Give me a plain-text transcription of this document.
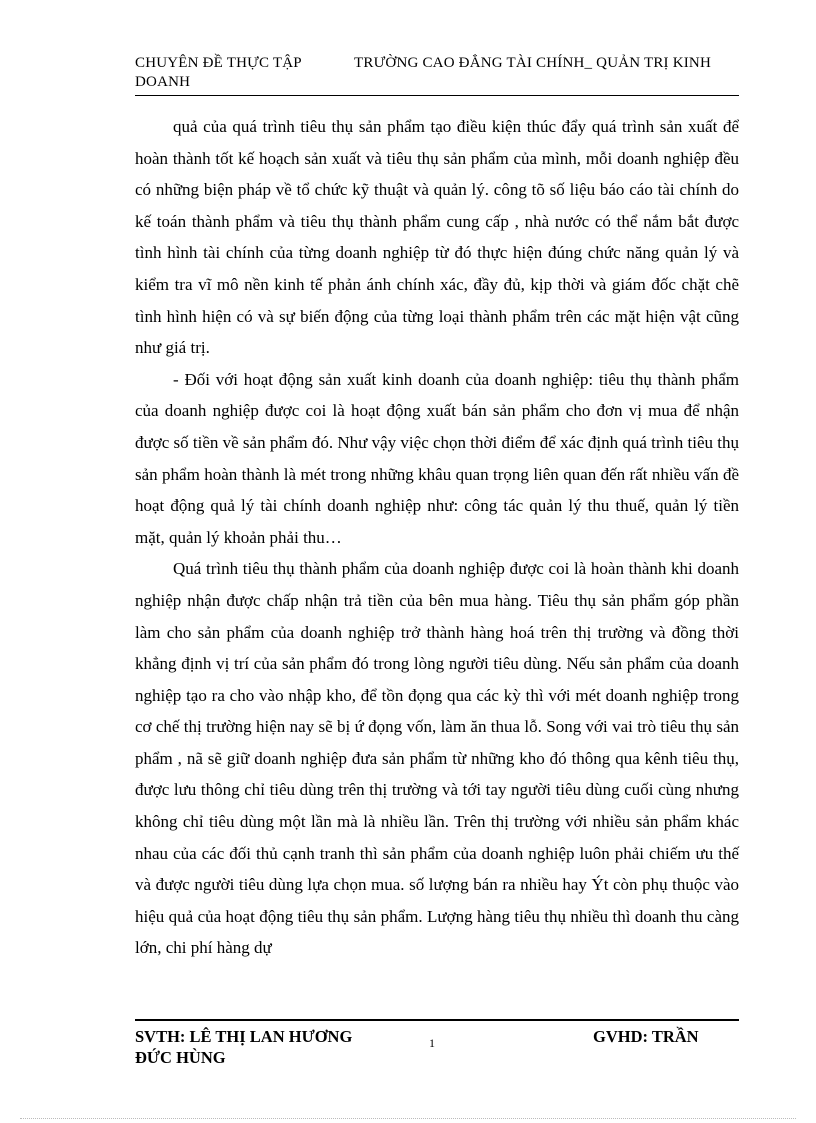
CHUYÊN ĐỀ THỰC TẬP	TRƯỜNG CAO ĐẲNG TÀI CHÍNH_ QUẢN TRỊ KINH
DOANH

quả của quá trình tiêu thụ sản phẩm tạo điều kiện thúc đẩy quá trình sản xuất để hoàn thành tốt kế hoạch sản xuất và tiêu thụ sản phẩm của mình, mỗi doanh nghiệp đều có những biện pháp về tổ chức kỹ thuật và quản lý. công tõ số liệu báo cáo tài chính do kế toán thành phẩm và tiêu thụ thành phẩm cung cấp , nhà nước có thể nắm bắt được tình hình tài chính của từng doanh nghiệp từ đó thực hiện đúng chức năng quản lý và kiểm tra vĩ mô nền kinh tế phản ánh chính xác, đầy đủ, kịp thời và giám đốc chặt chẽ tình hình hiện có và sự biến động của từng loại thành phẩm trên các mặt hiện vật cũng như giá trị.

- Đối với hoạt động sản xuất kinh doanh của doanh nghiệp: tiêu thụ thành phẩm của doanh nghiệp được coi là hoạt động xuất bán sản phẩm cho đơn vị mua để nhận được số tiền về sản phẩm đó. Như vậy việc chọn thời điểm để xác định quá trình tiêu thụ sản phẩm hoàn thành là mét trong những khâu quan trọng liên quan đến rất nhiều vấn đề hoạt động quả lý tài chính doanh nghiệp như: công tác quản lý thu thuế, quản lý tiền mặt, quản lý khoản phải thu…

Quá trình tiêu thụ thành phẩm của doanh nghiệp được coi là hoàn thành khi doanh nghiệp nhận được chấp nhận trả tiền của bên mua hàng. Tiêu thụ sản phẩm góp phần làm cho sản phẩm của doanh nghiệp trở thành hàng hoá trên thị trường và đồng thời khẳng định vị trí của sản phẩm đó trong lòng người tiêu dùng. Nếu sản phẩm của doanh nghiệp tạo ra cho vào nhập kho, để tồn đọng qua các kỳ thì với mét doanh nghiệp trong cơ chế thị trường hiện nay sẽ bị ứ đọng vốn, làm ăn thua lỗ. Song với vai trò tiêu thụ sản phẩm , nã sẽ giữ doanh nghiệp đưa sản phẩm từ những kho đó thông qua kênh tiêu thụ, được lưu thông chỉ tiêu dùng trên thị trường và tới tay người tiêu dùng cuối cùng nhưng không chỉ tiêu dùng một lần mà là nhiều lần. Trên thị trường với nhiều sản phẩm khác nhau của các đối thủ cạnh tranh thì sản phẩm của doanh nghiệp luôn phải chiếm ưu thế và được người tiêu dùng lựa chọn mua. số lượng bán ra nhiều hay Ýt còn phụ thuộc vào hiệu quả của hoạt động tiêu thụ sản phẩm. Lượng hàng tiêu thụ nhiều thì doanh thu càng lớn, chi phí hàng dự

SVTH: LÊ THỊ LAN HƯƠNG	1	GVHD: TRẦN
ĐỨC HÙNG
